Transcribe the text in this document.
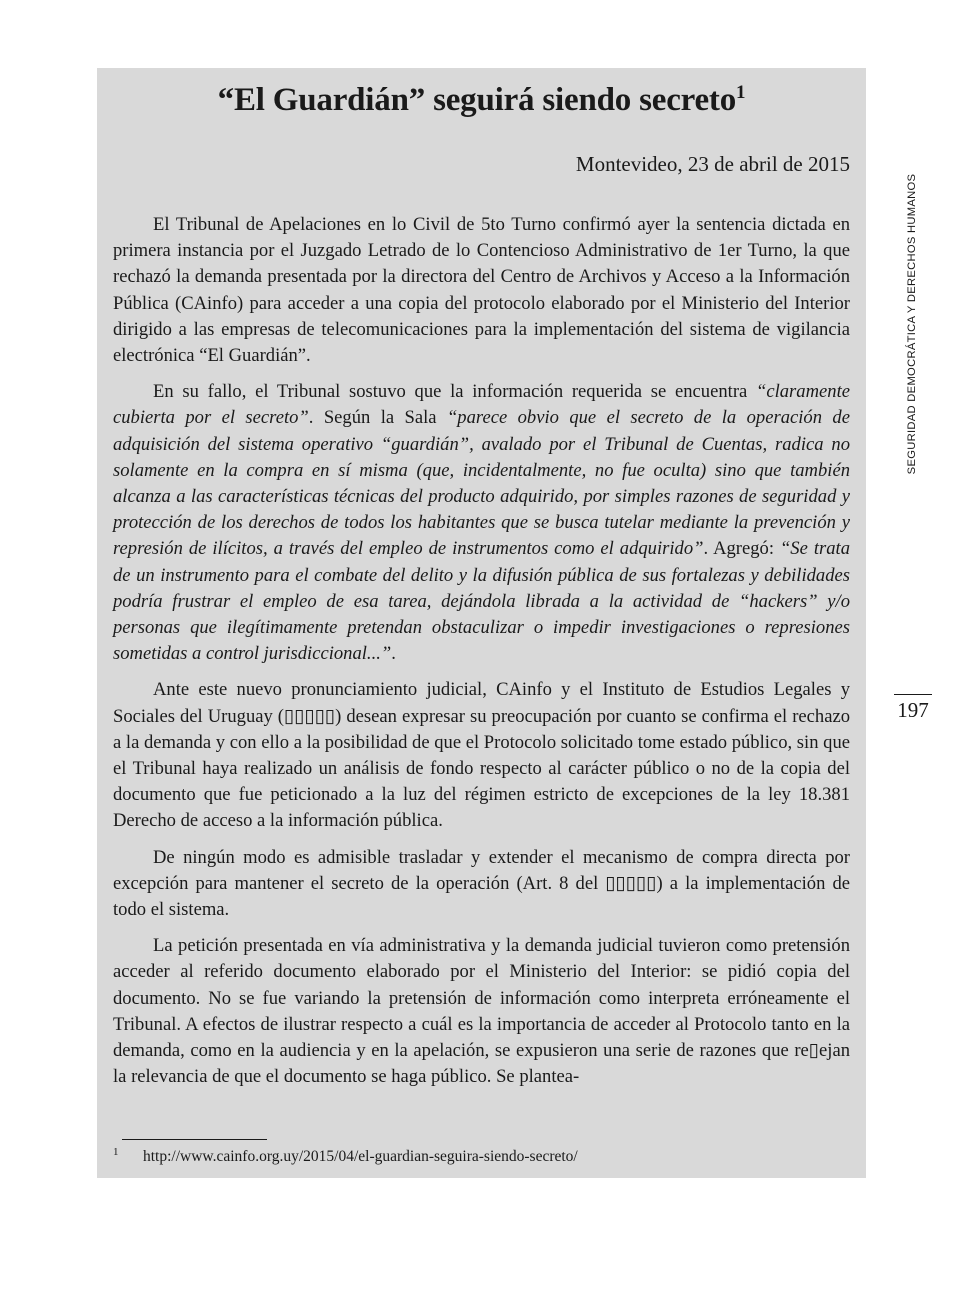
“El Guardián” seguirá siendo secreto$^1$

Montevideo, 23 de abril de 2015

El Tribunal de Apelaciones en lo Civil de 5to Turno confirmó ayer la sentencia dictada en primera instancia por el Juzgado Letrado de lo Contencioso Administrativo de 1er Turno, la que rechazó la demanda presentada por la directora del Centro de Archivos y Acceso a la Información Pública (CAinfo) para acceder a una copia del protocolo elaborado por el Ministerio del Interior dirigido a las empresas de telecomunicaciones para la implementación del sistema de vigilancia electrónica “El Guardián”.

En su fallo, el Tribunal sostuvo que la información requerida se encuentra “claramente cubierta por el secreto”. Según la Sala “parece obvio que el secreto de la operación de adquisición del sistema operativo “guardián”, avalado por el Tribunal de Cuentas, radica no solamente en la compra en sí misma (que, incidentalmente, no fue oculta) sino que también alcanza a las características técnicas del producto adquirido, por simples razones de seguridad y protección de los derechos de todos los habitantes que se busca tutelar mediante la prevención y represión de ilícitos, a través del empleo de instrumentos como el adquirido”. Agregó: “Se trata de un instrumento para el combate del delito y la difusión pública de sus fortalezas y debilidades podría frustrar el empleo de esa tarea, dejándola librada a la actividad de “hackers” y/o personas que ilegítimamente pretendan obstaculizar o impedir investigaciones o represiones sometidas a control jurisdiccional...”.

Ante este nuevo pronunciamiento judicial, CAinfo y el Instituto de Estudios Legales y Sociales del Uruguay (▯▯▯▯▯) desean expresar su preocupación por cuanto se confirma el rechazo a la demanda y con ello a la posibilidad de que el Protocolo solicitado tome estado público, sin que el Tribunal haya realizado un análisis de fondo respecto al carácter público o no de la copia del documento que fue peticionado a la luz del régimen estricto de excepciones de la ley 18.381 Derecho de acceso a la información pública.

De ningún modo es admisible trasladar y extender el mecanismo de compra directa por excepción para mantener el secreto de la operación (Art. 8 del ▯▯▯▯▯) a la implementación de todo el sistema.

La petición presentada en vía administrativa y la demanda judicial tuvieron como pretensión acceder al referido documento elaborado por el Ministerio del Interior: se pidió copia del documento. No se fue variando la pretensión de información como interpreta erróneamente el Tribunal. A efectos de ilustrar respecto a cuál es la importancia de acceder al Protocolo tanto en la demanda, como en la audiencia y en la apelación, se expusieron una serie de razones que re▯ejan la relevancia de que el documento se haga público. Se plantea-

1 http://www.cainfo.org.uy/2015/04/el-guardian-seguira-siendo-secreto/

SEGURIDAD DEMOCRÁTICA Y DERECHOS HUMANOS

197
